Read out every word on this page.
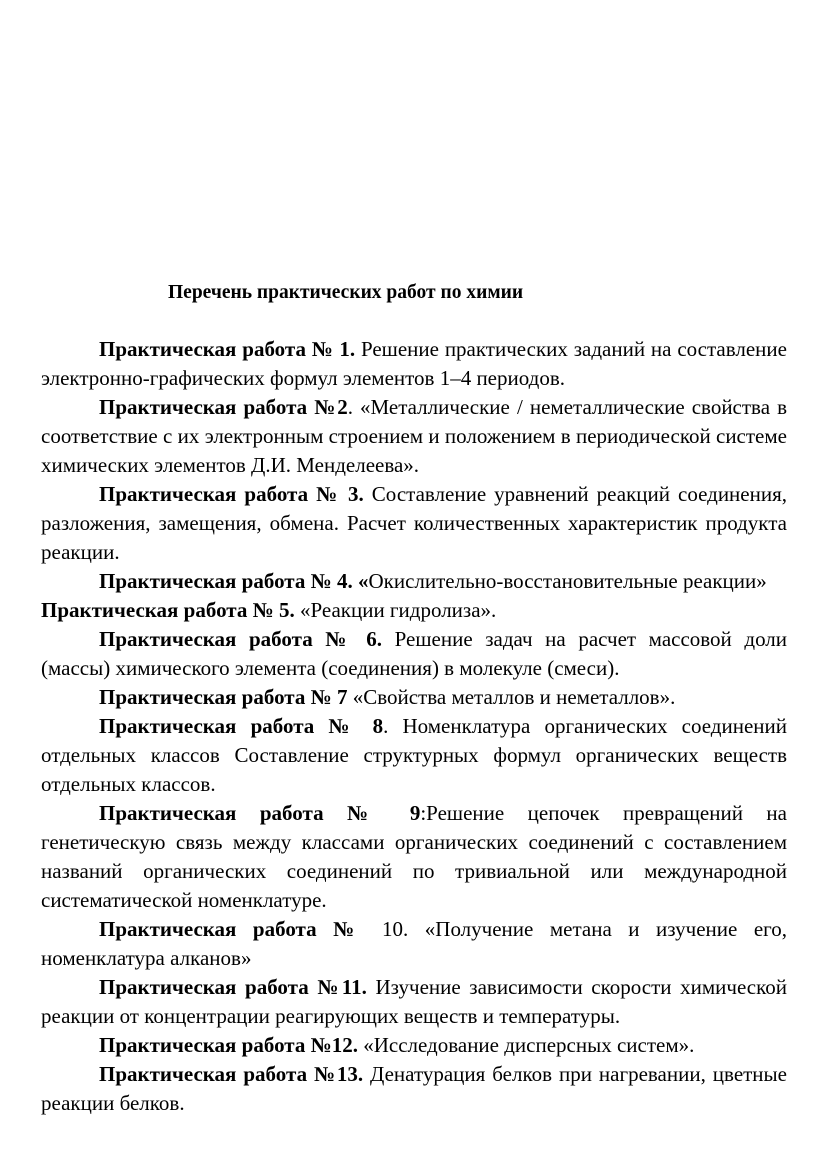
Перечень практических работ по химии

Практическая работа № 1. Решение практических заданий на составление электронно-графических формул элементов 1–4 периодов.

Практическая работа №2. «Металлические / неметаллические свойства в соответствие с их электронным строением и положением в периодической системе химических элементов Д.И. Менделеева».

Практическая работа № 3. Составление уравнений реакций соединения, разложения, замещения, обмена. Расчет количественных характеристик продукта реакции.

Практическая работа № 4. «Окислительно-восстановительные реакции»

Практическая работа № 5. «Реакции гидролиза».

Практическая работа № 6. Решение задач на расчет массовой доли (массы) химического элемента (соединения) в молекуле (смеси).

Практическая работа № 7 «Свойства металлов и неметаллов».

Практическая работа № 8. Номенклатура органических соединений отдельных классов Составление структурных формул органических веществ отдельных классов.

Практическая работа № 9:Решение цепочек превращений на генетическую связь между классами органических соединений с составлением названий органических соединений по тривиальной или международной систематической номенклатуре.

Практическая работа № 10. «Получение метана и изучение его, номенклатура алканов»

Практическая работа №11. Изучение зависимости скорости химической реакции от концентрации реагирующих веществ и температуры.

Практическая работа №12. «Исследование дисперсных систем».

Практическая работа №13. Денатурация белков при нагревании, цветные реакции белков.
